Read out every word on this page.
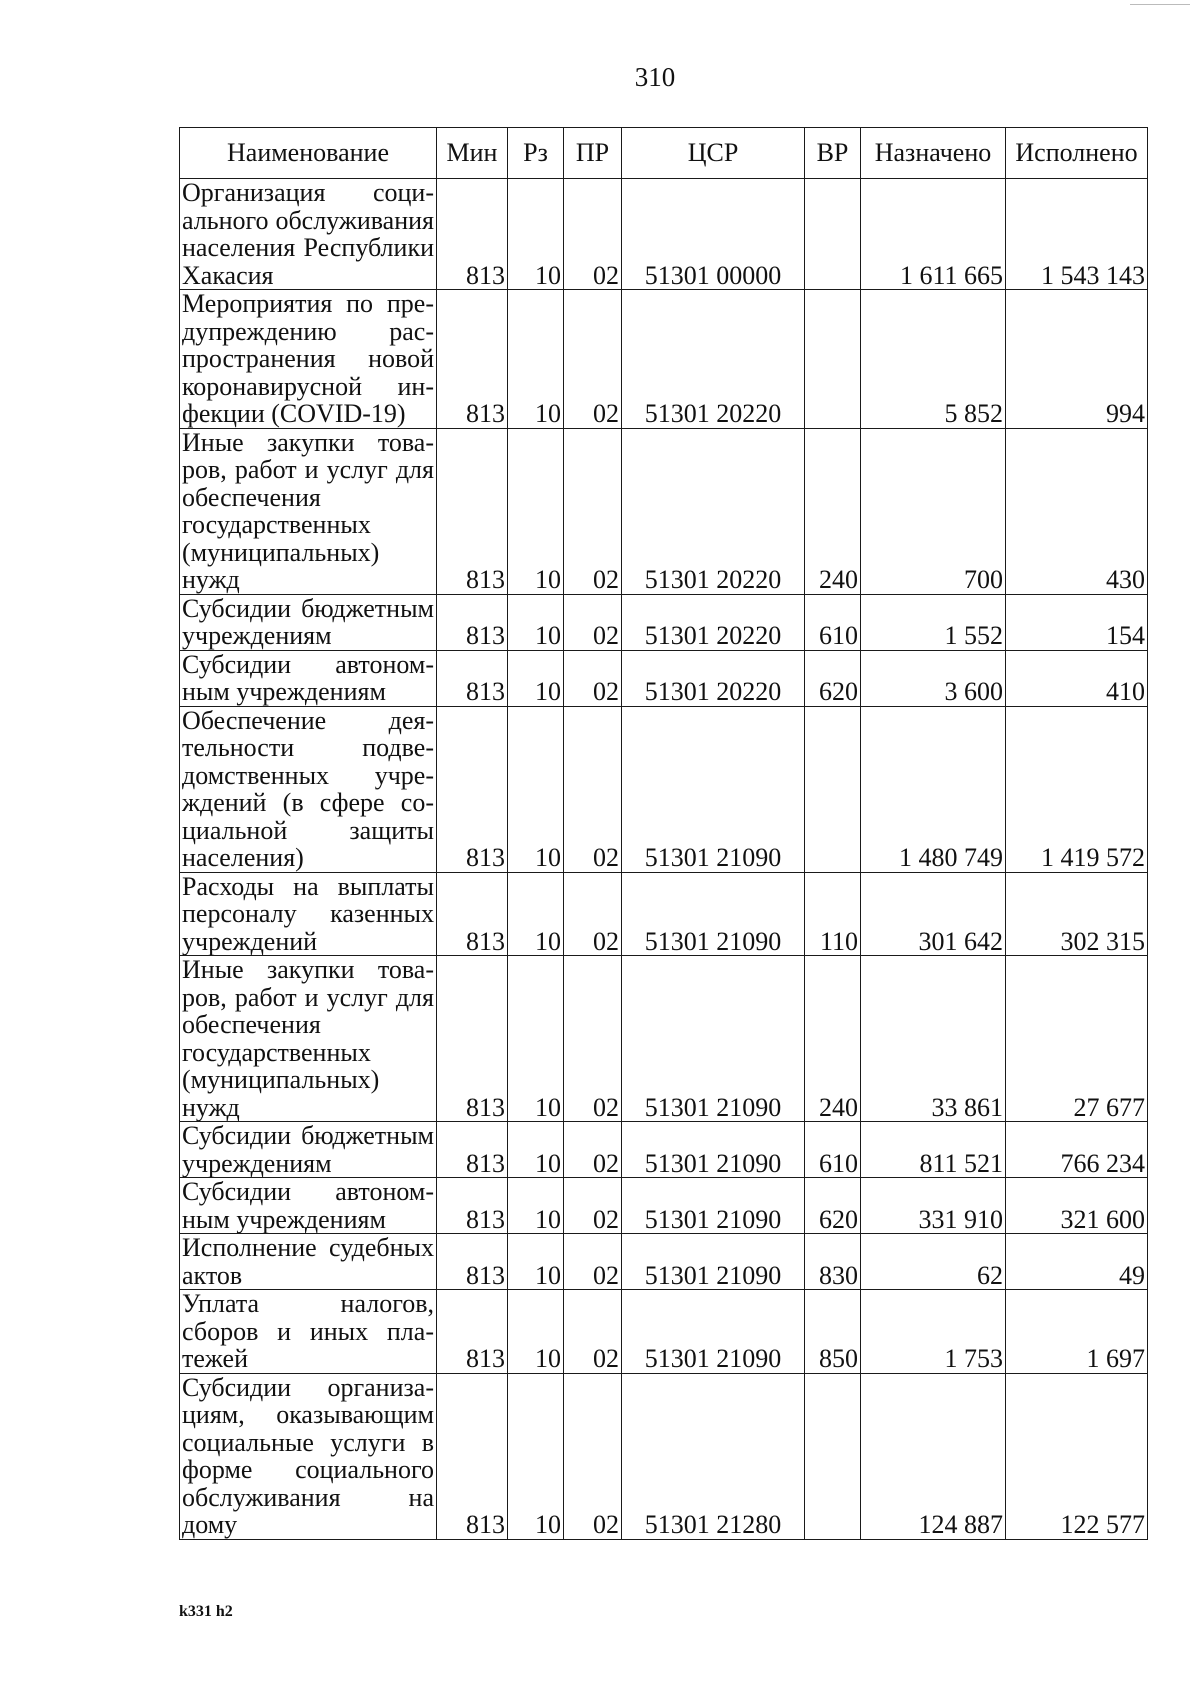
310
Наименование	Мин	Рз	ПР	ЦСР	ВР	Назначено	Исполнено
Организация социального обслуживания населения Республики Хакасия	813	10	02	51301 00000		1 611 665	1 543 143
Мероприятия по предупреждению распространения новой коронавирусной инфекции (COVID-19)	813	10	02	51301 20220		5 852	994
Иные закупки товаров, работ и услуг для обеспечения государственных (муниципальных) нужд	813	10	02	51301 20220	240	700	430
Субсидии бюджетным учреждениям	813	10	02	51301 20220	610	1 552	154
Субсидии автономным учреждениям	813	10	02	51301 20220	620	3 600	410
Обеспечение деятельности подведомственных учреждений (в сфере социальной защиты населения)	813	10	02	51301 21090		1 480 749	1 419 572
Расходы на выплаты персоналу казенных учреждений	813	10	02	51301 21090	110	301 642	302 315
Иные закупки товаров, работ и услуг для обеспечения государственных (муниципальных) нужд	813	10	02	51301 21090	240	33 861	27 677
Субсидии бюджетным учреждениям	813	10	02	51301 21090	610	811 521	766 234
Субсидии автономным учреждениям	813	10	02	51301 21090	620	331 910	321 600
Исполнение судебных актов	813	10	02	51301 21090	830	62	49
Уплата налогов, сборов и иных платежей	813	10	02	51301 21090	850	1 753	1 697
Субсидии организациям, оказывающим социальные услуги в форме социального обслуживания на дому	813	10	02	51301 21280		124 887	122 577
k331 h2
